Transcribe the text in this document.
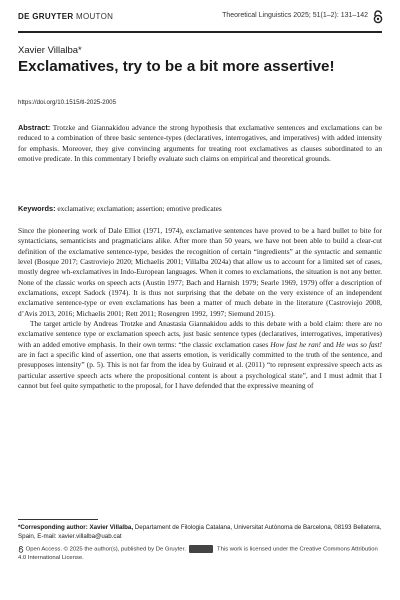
DE GRUYTER MOUTON	Theoretical Linguistics 2025; 51(1–2): 131–142
Xavier Villalba*
Exclamatives, try to be a bit more assertive!
https://doi.org/10.1515/tl-2025-2005
Abstract: Trotzke and Giannakidou advance the strong hypothesis that exclamative sentences and exclamations can be reduced to a combination of three basic sentence-types (declaratives, interrogatives, and imperatives) with added intensity for emphasis. Moreover, they give convincing arguments for treating root exclamatives as clauses subordinated to an emotive predicate. In this commentary I briefly evaluate such claims on empirical and theoretical grounds.
Keywords: exclamative; exclamation; assertion; emotive predicates

Since the pioneering work of Dale Elliot (1971, 1974), exclamative sentences have proved to be a hard bullet to bite for syntacticians, semanticists and pragmaticians alike. After more than 50 years, we have not been able to build a clear-cut definition of the exclamative sentence-type, besides the recognition of certain “ingredients” at the syntactic and semantic level (Bosque 2017; Castroviejo 2020; Michaelis 2001; Villalba 2024a) that allow us to account for a limited set of cases, mostly degree wh-exclamatives in Indo-European languages. When it comes to exclamations, the situation is not any better. None of the classic works on speech acts (Austin 1977; Bach and Harnish 1979; Searle 1969, 1979) offer a description of exclamations, except Sadock (1974). It is thus not surprising that the debate on the very existence of an independent exclamative sentence-type or even exclamations has been a matter of much debate in the literature (Castroviejo 2008, d’Avis 2013, 2016; Michaelis 2001; Rett 2011; Rosengren 1992, 1997; Siemund 2015).

The target article by Andreas Trotzke and Anastasia Giannakidou adds to this debate with a bold claim: there are no exclamative sentence type or exclamation speech acts, just basic sentence types (declaratives, interrogatives, imperatives) with an added emotive emphasis. In their own terms: “the classic exclamation cases How fast he ran! and He was so fast! are in fact a specific kind of assertion, one that asserts emotion, is veridically committed to the truth of the sentence, and presupposes intensity” (p. 5). This is not far from the idea by Guiraud et al. (2011) “to represent expressive speech acts as particular assertive speech acts where the propositional content is about a psychological state”, and I must admit that I cannot but feel quite sympathetic to the proposal, for I have defended that the expressive meaning of

*Corresponding author: Xavier Villalba, Departament de Filologia Catalana, Universitat Autònoma de Barcelona, 08193 Bellaterra, Spain, E-mail: xavier.villalba@uab.cat
Open Access. © 2025 the author(s), published by De Gruyter.	This work is licensed under the Creative Commons Attribution 4.0 International License.
